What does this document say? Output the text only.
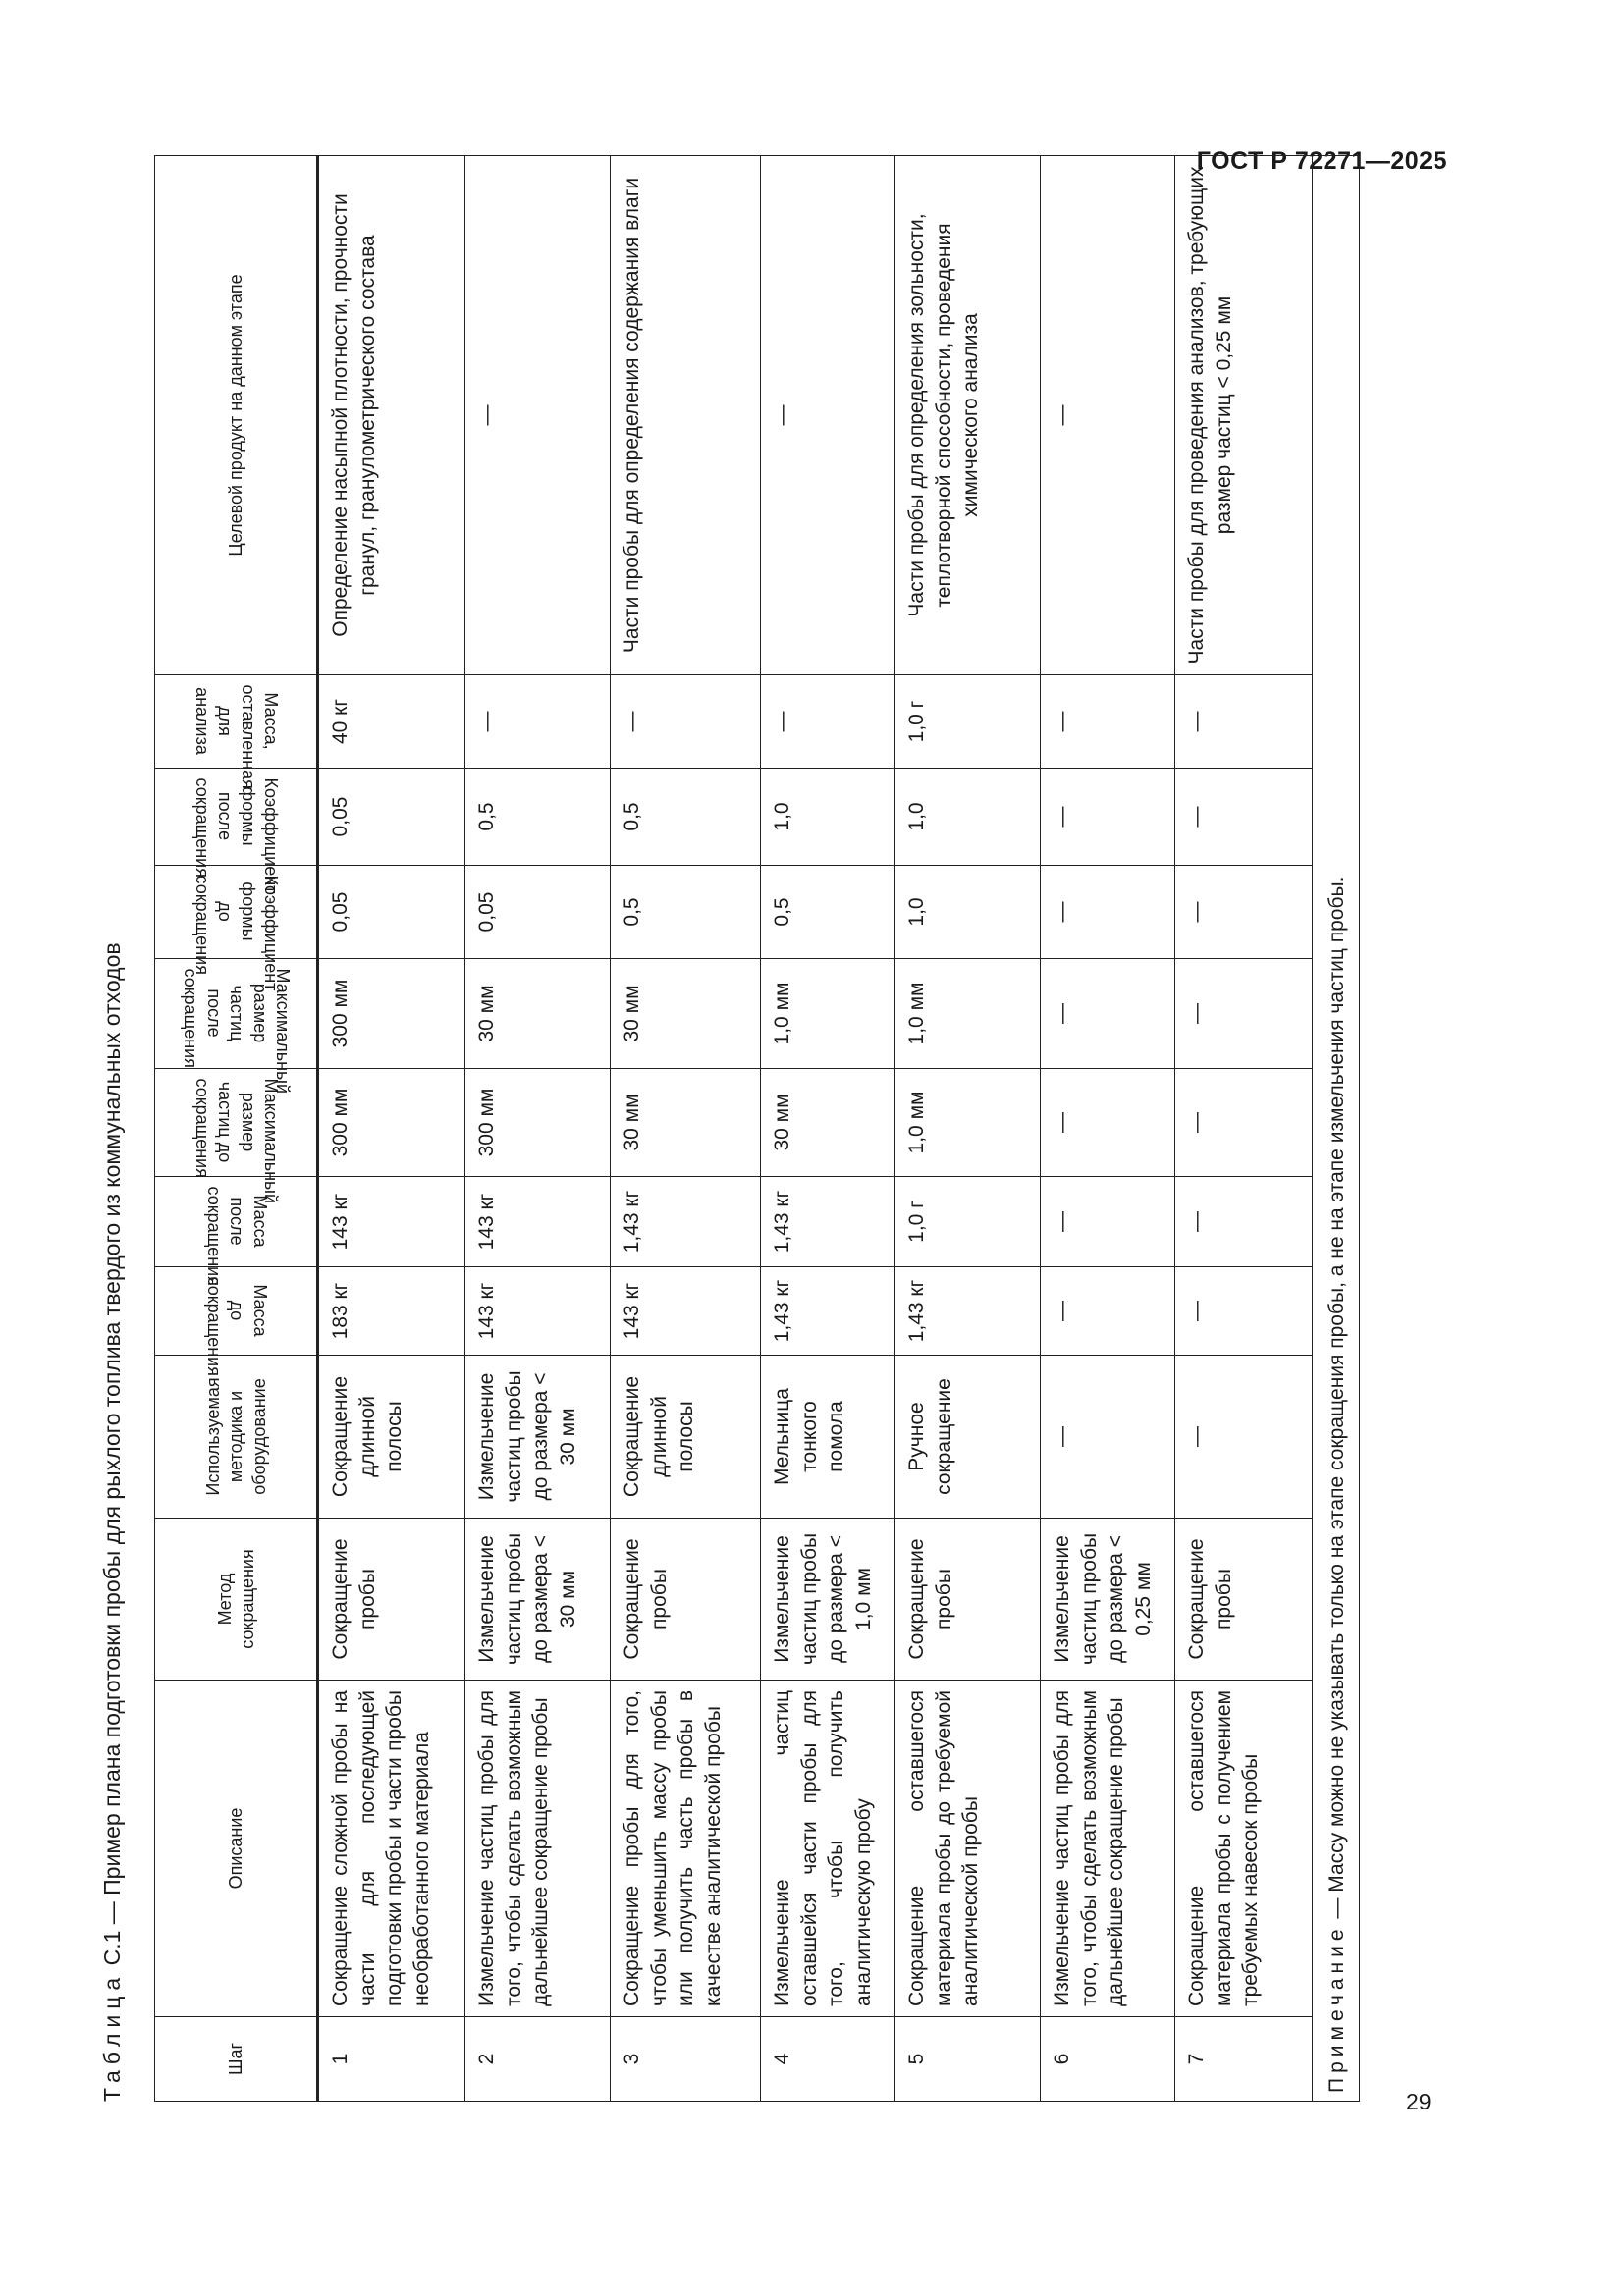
ГОСТ Р 72271—2025
29
Таблица С.1 — Пример плана подготовки пробы для рыхлого топлива твердого из коммунальных отходов
Шаг	Описание	Метод сокращения	Используемая методика и оборудование	Масса до сокращения	Масса после сокращения	Максимальный размер частиц до сокращения	Максимальный размер частиц после сокращения	Коэффициент формы до сокращения	Коэффициент формы после сокращения	Масса, оставленная для анализа	Целевой продукт на данном этапе
1	Сокращение сложной пробы на части для последующей подготовки пробы и части пробы необработанного материала	Сокращение пробы	Сокращение длинной полосы	183 кг	143 кг	300 мм	300 мм	0,05	0,05	40 кг	Определение насыпной плотности, прочности гранул, гранулометрического состава
2	Измельчение частиц пробы для того, чтобы сделать возможным дальнейшее сокращение пробы	Измельчение частиц пробы до размера < 30 мм	Измельчение частиц пробы до размера < 30 мм	143 кг	143 кг	300 мм	30 мм	0,05	0,5	—	—
3	Сокращение пробы для того, чтобы уменьшить массу пробы или получить часть пробы в качестве аналитической пробы	Сокращение пробы	Сокращение длинной полосы	143 кг	1,43 кг	30 мм	30 мм	0,5	0,5	—	Части пробы для определения содержания влаги
4	Измельчение частиц оставшейся части пробы для того, чтобы получить аналитическую пробу	Измельчение частиц пробы до размера < 1,0 мм	Мельница тонкого помола	1,43 кг	1,43 кг	30 мм	1,0 мм	0,5	1,0	—	—
5	Сокращение оставшегося материала пробы до требуемой аналитической пробы	Сокращение пробы	Ручное сокращение	1,43 кг	1,0 г	1,0 мм	1,0 мм	1,0	1,0	1,0 г	Части пробы для определения зольности, теплотворной способности, проведения химического анализа
6	Измельчение частиц пробы для того, чтобы сделать возможным дальнейшее сокращение пробы	Измельчение частиц пробы до размера < 0,25 мм	—	—	—	—	—	—	—	—	—
7	Сокращение оставшегося материала пробы с получением требуемых навесок пробы	Сокращение пробы	—	—	—	—	—	—	—	—	Части пробы для проведения анализов, требующих размер частиц < 0,25 мм
Примечание — Массу можно не указывать только на этапе сокращения пробы, а не на этапе измельчения частиц пробы.											
